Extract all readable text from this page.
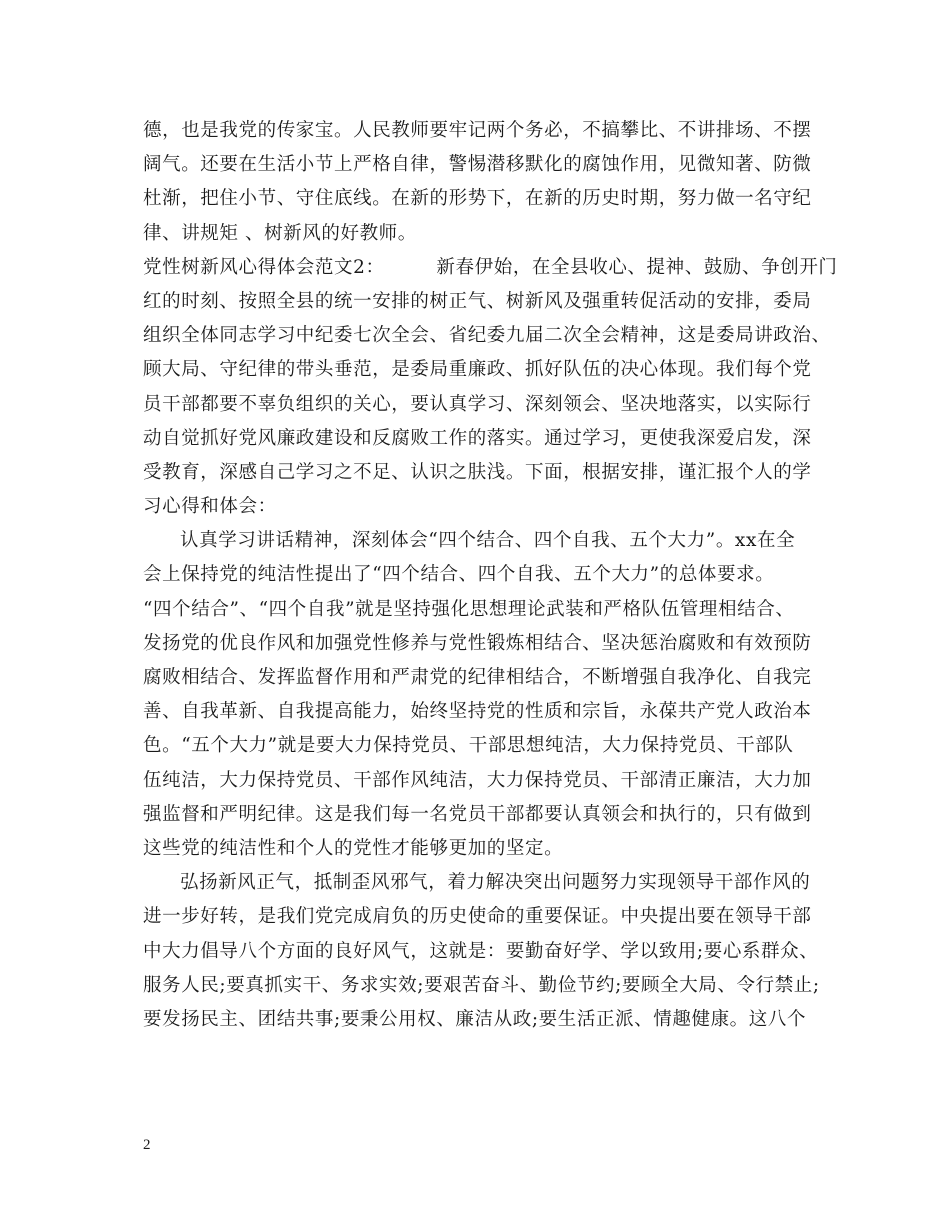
德，也是我党的传家宝。人民教师要牢记两个务必，不搞攀比、不讲排场、不摆
阔气。还要在生活小节上严格自律，警惕潜移默化的腐蚀作用，见微知著、防微
杜渐，把住小节、守住底线。在新的形势下，在新的历史时期，努力做一名守纪
律、讲规矩 、树新风的好教师。
党性树新风心得体会范文2：        新春伊始，在全县收心、提神、鼓励、争创开门
红的时刻、按照全县的统一安排的树正气、树新风及强重转促活动的安排，委局
组织全体同志学习中纪委七次全会、省纪委九届二次全会精神，这是委局讲政治、
顾大局、守纪律的带头垂范，是委局重廉政、抓好队伍的决心体现。我们每个党
员干部都要不辜负组织的关心，要认真学习、深刻领会、坚决地落实，以实际行
动自觉抓好党风廉政建设和反腐败工作的落实。通过学习，更使我深爱启发，深
受教育，深感自己学习之不足、认识之肤浅。下面，根据安排，谨汇报个人的学
习心得和体会：
认真学习讲话精神，深刻体会“四个结合、四个自我、五个大力”。xx在全
会上保持党的纯洁性提出了“四个结合、四个自我、五个大力”的总体要求。
“四个结合”、“四个自我”就是坚持强化思想理论武装和严格队伍管理相结合、
发扬党的优良作风和加强党性修养与党性锻炼相结合、坚决惩治腐败和有效预防
腐败相结合、发挥监督作用和严肃党的纪律相结合，不断增强自我净化、自我完
善、自我革新、自我提高能力，始终坚持党的性质和宗旨，永葆共产党人政治本
色。“五个大力”就是要大力保持党员、干部思想纯洁，大力保持党员、干部队
伍纯洁，大力保持党员、干部作风纯洁，大力保持党员、干部清正廉洁，大力加
强监督和严明纪律。这是我们每一名党员干部都要认真领会和执行的，只有做到
这些党的纯洁性和个人的党性才能够更加的坚定。
弘扬新风正气，抵制歪风邪气，着力解决突出问题努力实现领导干部作风的
进一步好转，是我们党完成肩负的历史使命的重要保证。中央提出要在领导干部
中大力倡导八个方面的良好风气，这就是：要勤奋好学、学以致用;要心系群众、
服务人民;要真抓实干、务求实效;要艰苦奋斗、勤俭节约;要顾全大局、令行禁止;
要发扬民主、团结共事;要秉公用权、廉洁从政;要生活正派、情趣健康。这八个
2
